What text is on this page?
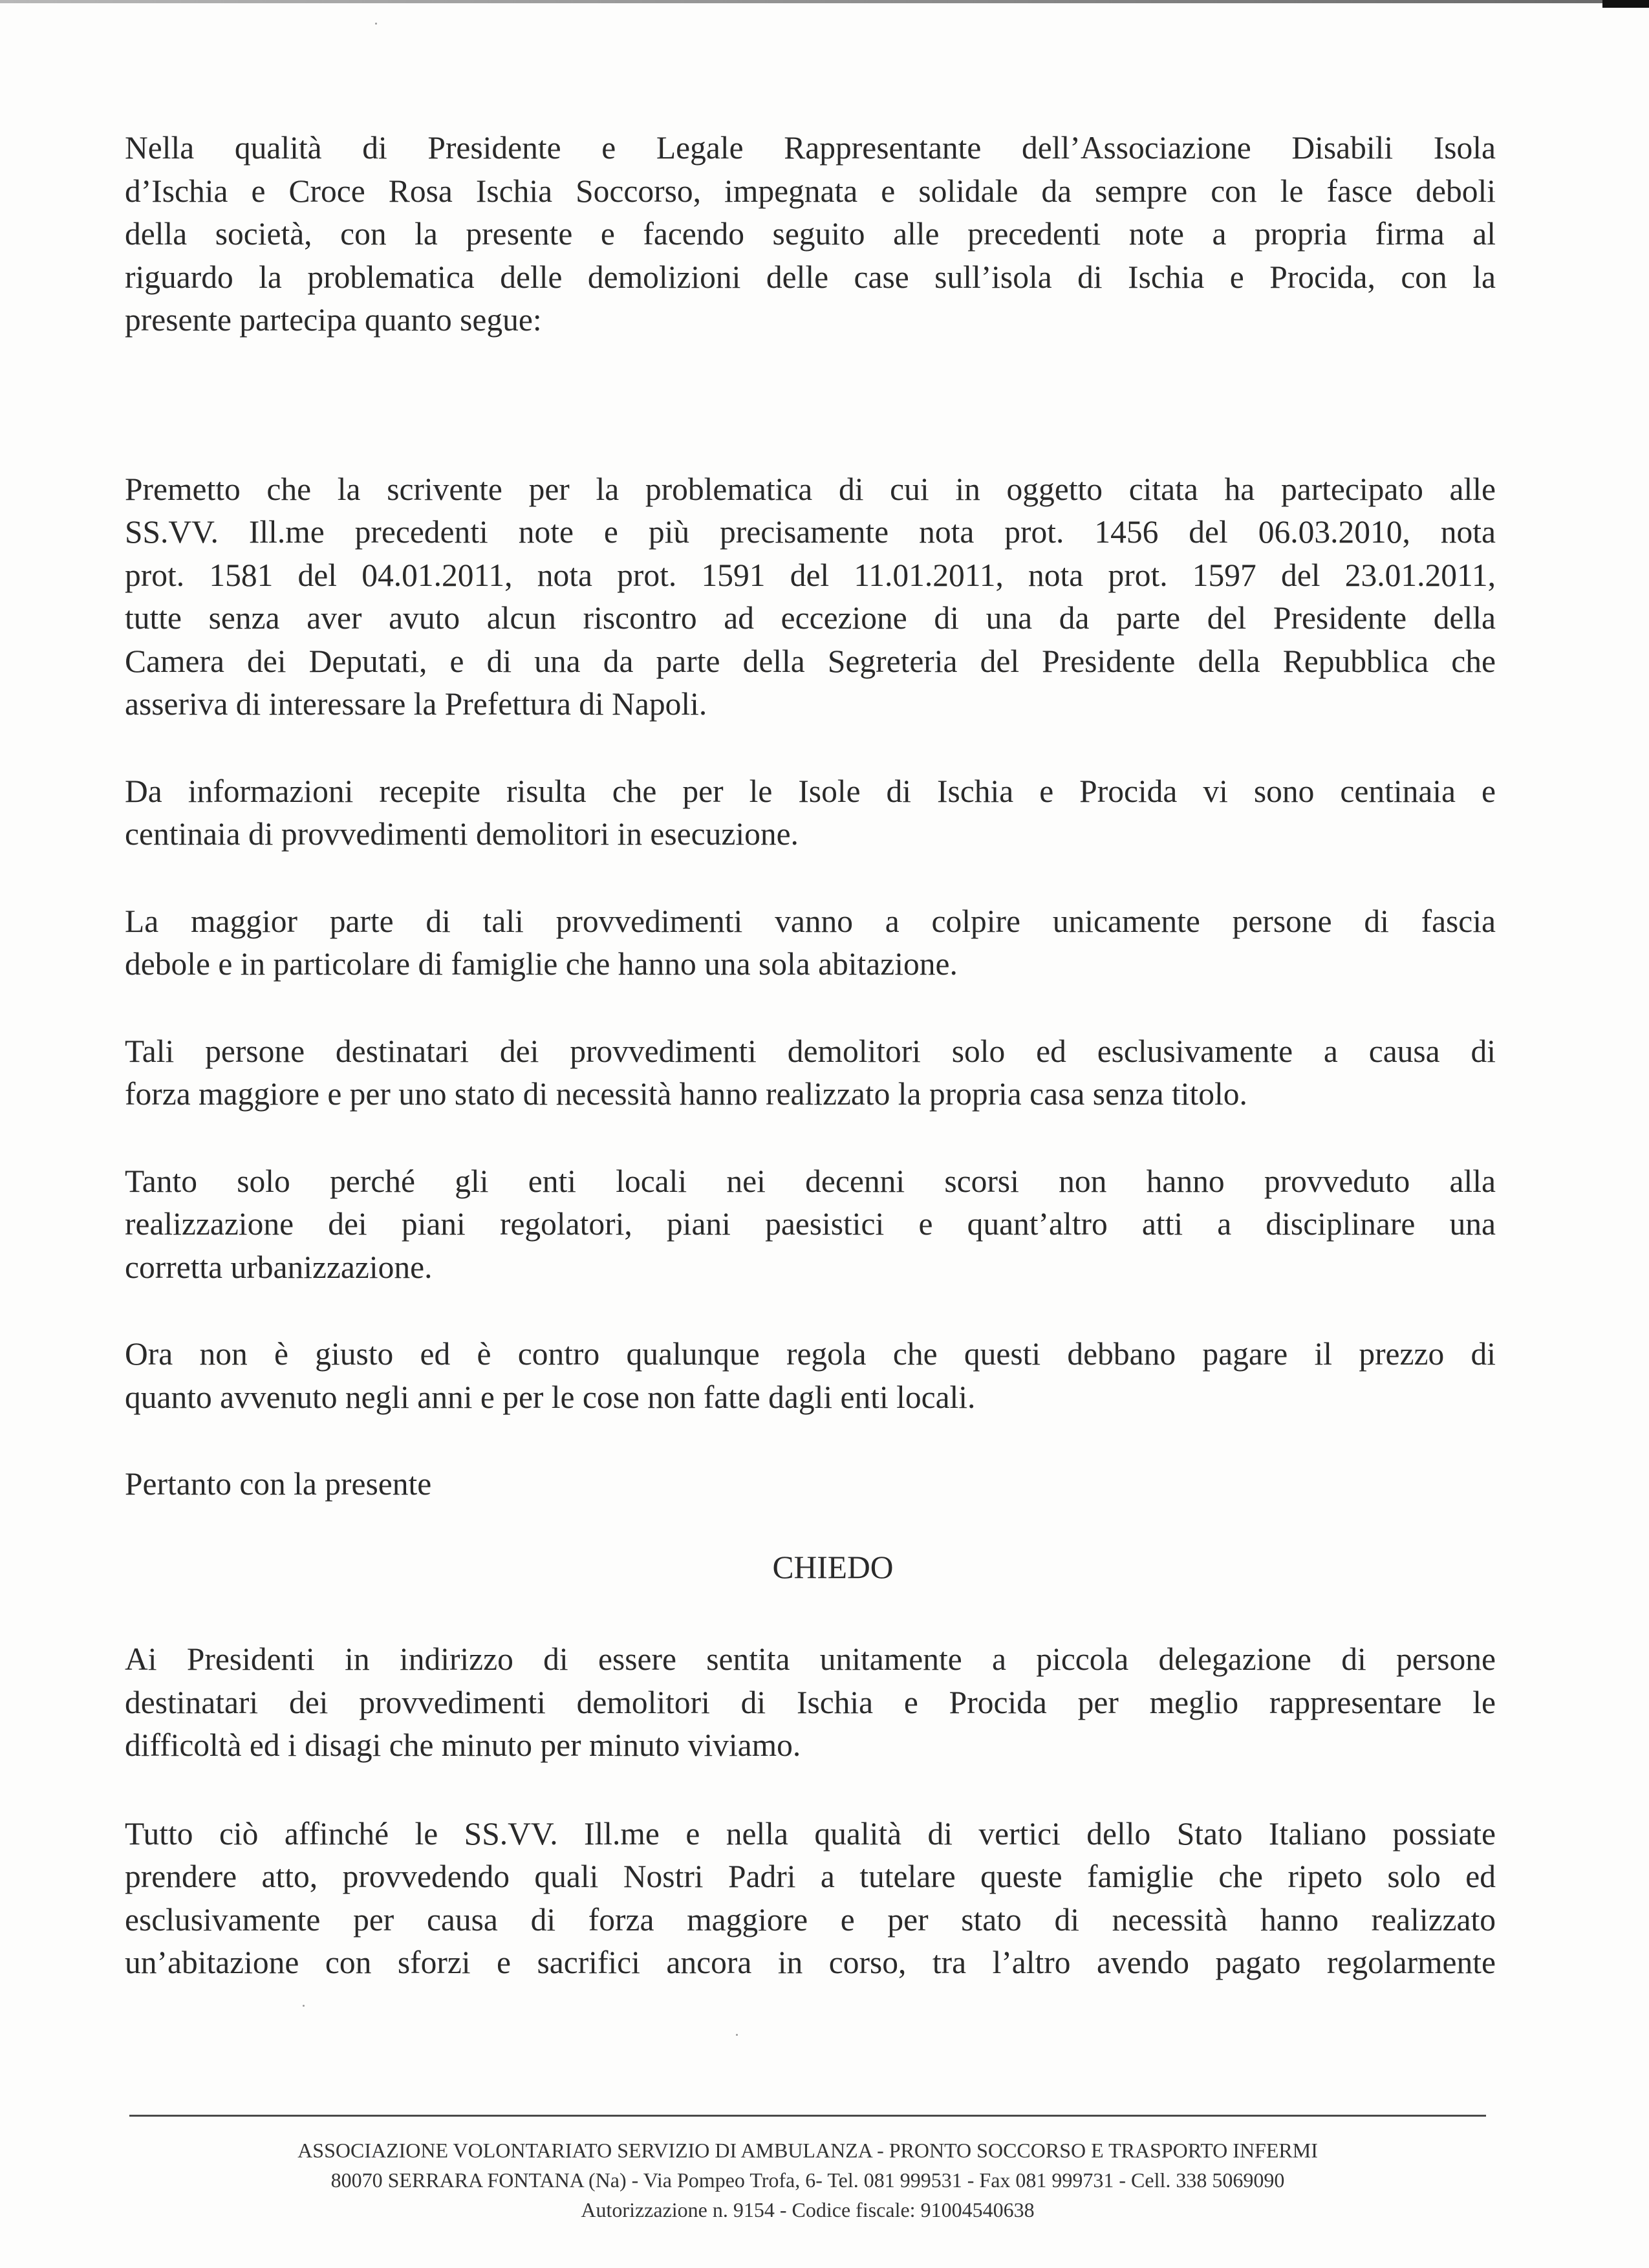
Nella qualità di Presidente e Legale Rappresentante dell’Associazione Disabili Isola
d’Ischia e Croce Rosa Ischia Soccorso, impegnata e solidale da sempre con le fasce deboli
della società, con la presente e facendo seguito alle precedenti note a propria firma al
riguardo la problematica delle demolizioni delle case sull’isola di Ischia e Procida, con la
presente partecipa quanto segue:
Premetto che la scrivente per la problematica di cui in oggetto citata ha partecipato alle
SS.VV. Ill.me precedenti note e più precisamente nota prot. 1456 del 06.03.2010, nota
prot. 1581 del 04.01.2011, nota prot. 1591 del 11.01.2011, nota prot. 1597 del 23.01.2011,
tutte senza aver avuto alcun riscontro ad eccezione di una da parte del Presidente della
Camera dei Deputati, e di una da parte della Segreteria del Presidente della Repubblica che
asseriva di interessare la Prefettura di Napoli.
Da informazioni recepite risulta che per le Isole di Ischia e Procida vi sono centinaia e
centinaia di provvedimenti demolitori in esecuzione.
La maggior parte di tali provvedimenti vanno a colpire unicamente persone di fascia
debole e in particolare di famiglie che hanno una sola abitazione.
Tali persone destinatari dei provvedimenti demolitori solo ed esclusivamente a causa di
forza maggiore e per uno stato di necessità hanno realizzato la propria casa senza titolo.
Tanto solo perché gli enti locali nei decenni scorsi non hanno provveduto alla
realizzazione dei piani regolatori, piani paesistici e quant’altro atti a disciplinare una
corretta urbanizzazione.
Ora non è giusto ed è contro qualunque regola che questi debbano pagare il prezzo di
quanto avvenuto negli anni e per le cose non fatte dagli enti locali.
Pertanto con la presente
CHIEDO
Ai Presidenti in indirizzo di essere sentita unitamente a piccola delegazione di persone
destinatari dei provvedimenti demolitori di Ischia e Procida per meglio rappresentare le
difficoltà ed i disagi che minuto per minuto viviamo.
Tutto ciò affinché le SS.VV. Ill.me e nella qualità di vertici dello Stato Italiano possiate
prendere atto, provvedendo quali Nostri Padri a tutelare queste famiglie che ripeto solo ed
esclusivamente per causa di forza maggiore e per stato di necessità hanno realizzato
un’abitazione con sforzi e sacrifici ancora in corso, tra l’altro avendo pagato regolarmente
ASSOCIAZIONE VOLONTARIATO SERVIZIO DI AMBULANZA - PRONTO SOCCORSO E TRASPORTO INFERMI
80070 SERRARA FONTANA (Na) - Via Pompeo Trofa, 6- Tel. 081 999531 - Fax 081 999731 - Cell. 338 5069090
Autorizzazione n. 9154 - Codice fiscale: 91004540638
